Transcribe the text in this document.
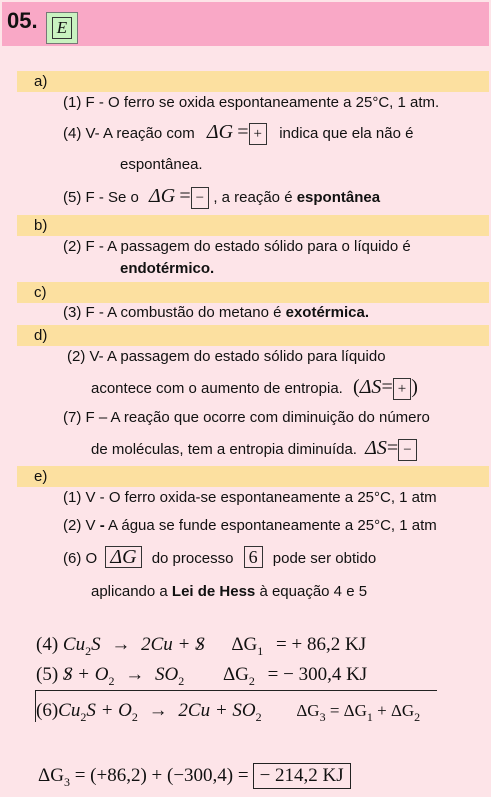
05. E
a)
(1) F - O ferro se oxida espontaneamente a 25°C, 1 atm.
(4) V- A reação com ΔG = + indica que ela não é
espontânea.
(5) F - Se o ΔG = − , a reação é espontânea
b)
(2) F - A passagem do estado sólido para o líquido é
endotérmico.
c)
(3) F - A combustão do metano é exotérmica.
d)
(2) V- A passagem do estado sólido para líquido
acontece com o aumento de entropia. (ΔS= + )
(7) F – A reação que ocorre com diminuição do número
de moléculas, tem a entropia diminuída. ΔS= −
e)
(1) V - O ferro oxida-se espontaneamente a 25°C, 1 atm
(2) V - A água se funde espontaneamente a 25°C, 1 atm
(6) O ΔG do processo 6 pode ser obtido
aplicando a Lei de Hess à equação 4 e 5
(4) $Cu_2S \to 2Cu + S$ $\Delta G_1$ = + 86,2 KJ
(5) $S + O_2 \to SO_2$ $\Delta G_2$ = − 300,4 KJ
$(6)Cu_2S + O_2 \to 2Cu + SO_2$ $\Delta G_3 = \Delta G_1 + \Delta G_2$
$\Delta G_3 = (+86,2) + (-300,4)$ = − 214,2 KJ
